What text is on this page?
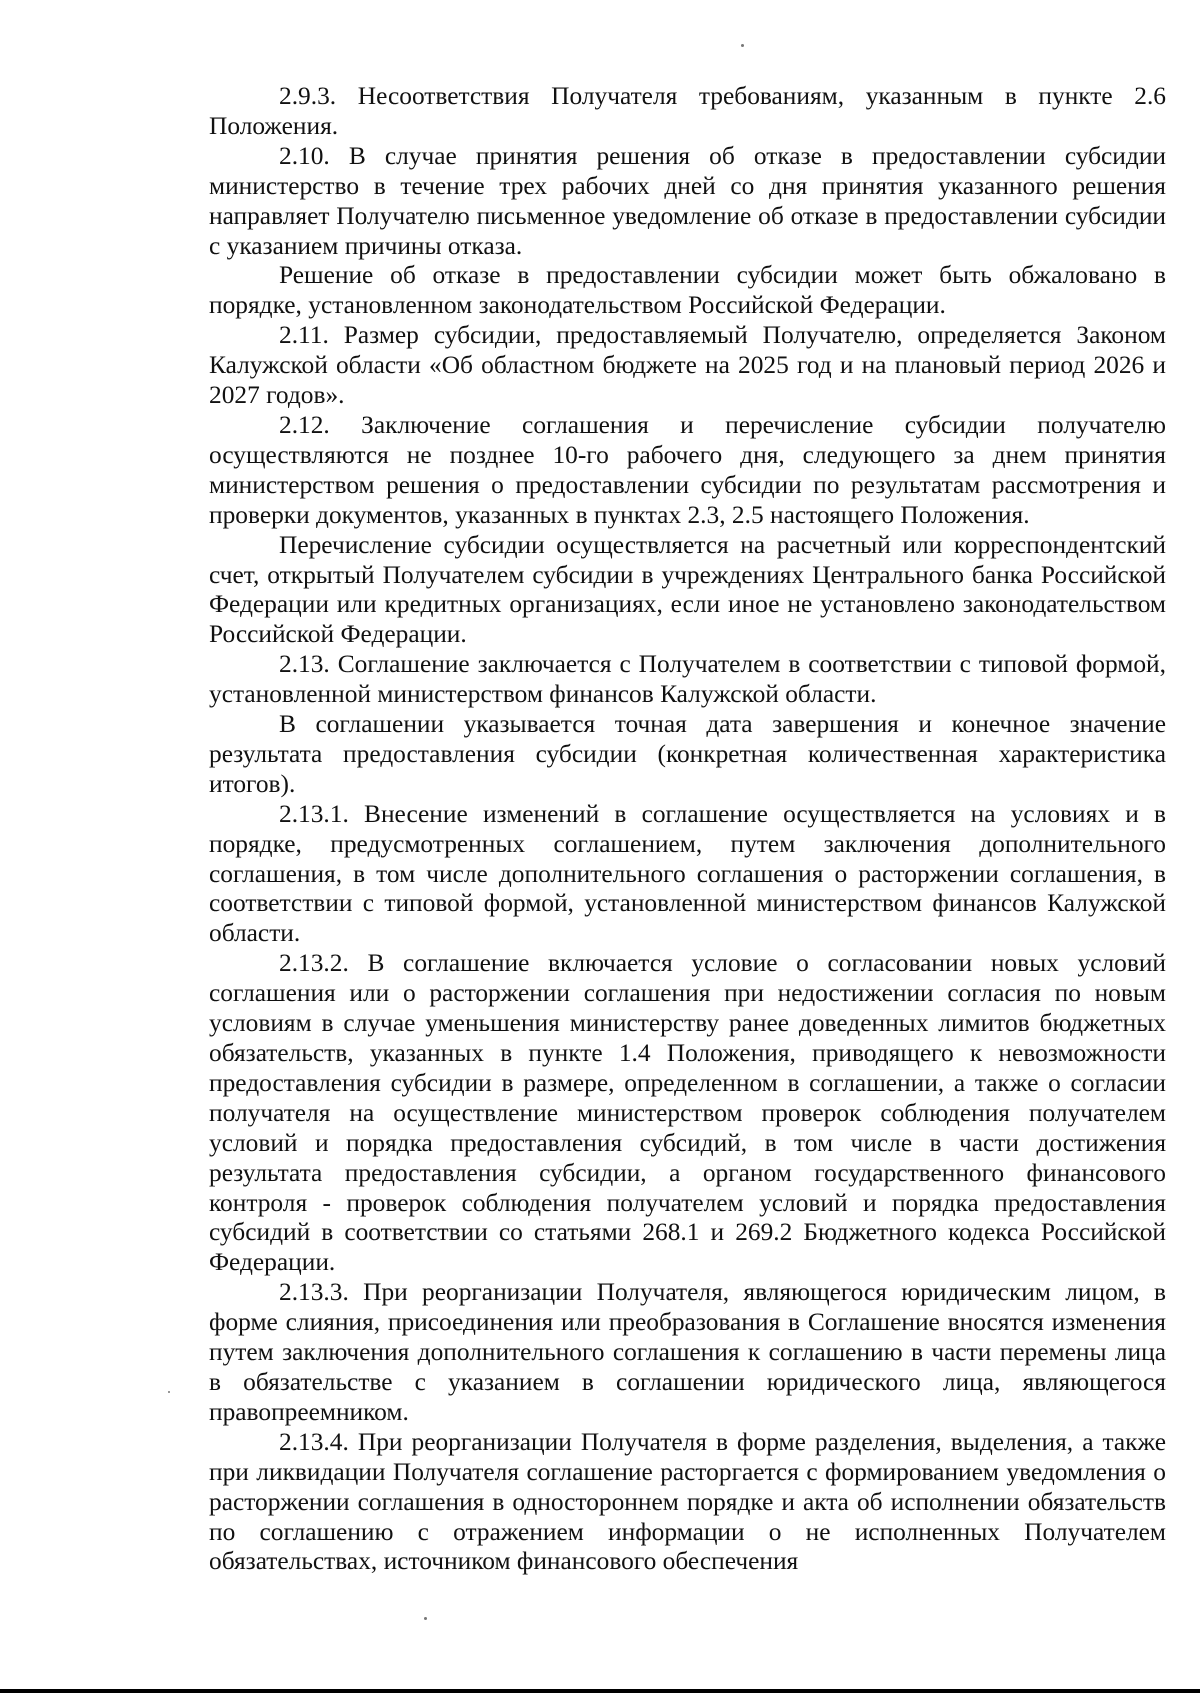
2.9.3. Несоответствия Получателя требованиям, указанным в пункте 2.6 Положения.

2.10. В случае принятия решения об отказе в предоставлении субсидии министерство в течение трех рабочих дней со дня принятия указанного решения направляет Получателю письменное уведомление об отказе в предоставлении субсидии с указанием причины отказа.

Решение об отказе в предоставлении субсидии может быть обжаловано в порядке, установленном законодательством Российской Федерации.

2.11. Размер субсидии, предоставляемый Получателю, определяется Законом Калужской области «Об областном бюджете на 2025 год и на плановый период 2026 и 2027 годов».

2.12. Заключение соглашения и перечисление субсидии получателю осуществляются не позднее 10-го рабочего дня, следующего за днем принятия министерством решения о предоставлении субсидии по результатам рассмотрения и проверки документов, указанных в пунктах 2.3, 2.5 настоящего Положения.

Перечисление субсидии осуществляется на расчетный или корреспондентский счет, открытый Получателем субсидии в учреждениях Центрального банка Российской Федерации или кредитных организациях, если иное не установлено законодательством Российской Федерации.

2.13. Соглашение заключается с Получателем в соответствии с типовой формой, установленной министерством финансов Калужской области.

В соглашении указывается точная дата завершения и конечное значение результата предоставления субсидии (конкретная количественная характеристика итогов).

2.13.1. Внесение изменений в соглашение осуществляется на условиях и в порядке, предусмотренных соглашением, путем заключения дополнительного соглашения, в том числе дополнительного соглашения о расторжении соглашения, в соответствии с типовой формой, установленной министерством финансов Калужской области.

2.13.2. В соглашение включается условие о согласовании новых условий соглашения или о расторжении соглашения при недостижении согласия по новым условиям в случае уменьшения министерству ранее доведенных лимитов бюджетных обязательств, указанных в пункте 1.4 Положения, приводящего к невозможности предоставления субсидии в размере, определенном в соглашении, а также о согласии получателя на осуществление министерством проверок соблюдения получателем условий и порядка предоставления субсидий, в том числе в части достижения результата предоставления субсидии, а органом государственного финансового контроля - проверок соблюдения получателем условий и порядка предоставления субсидий в соответствии со статьями 268.1 и 269.2 Бюджетного кодекса Российской Федерации.

2.13.3. При реорганизации Получателя, являющегося юридическим лицом, в форме слияния, присоединения или преобразования в Соглашение вносятся изменения путем заключения дополнительного соглашения к соглашению в части перемены лица в обязательстве с указанием в соглашении юридического лица, являющегося правопреемником.

2.13.4. При реорганизации Получателя в форме разделения, выделения, а также при ликвидации Получателя соглашение расторгается с формированием уведомления о расторжении соглашения в одностороннем порядке и акта об исполнении обязательств по соглашению с отражением информации о не исполненных Получателем обязательствах, источником финансового обеспечения
